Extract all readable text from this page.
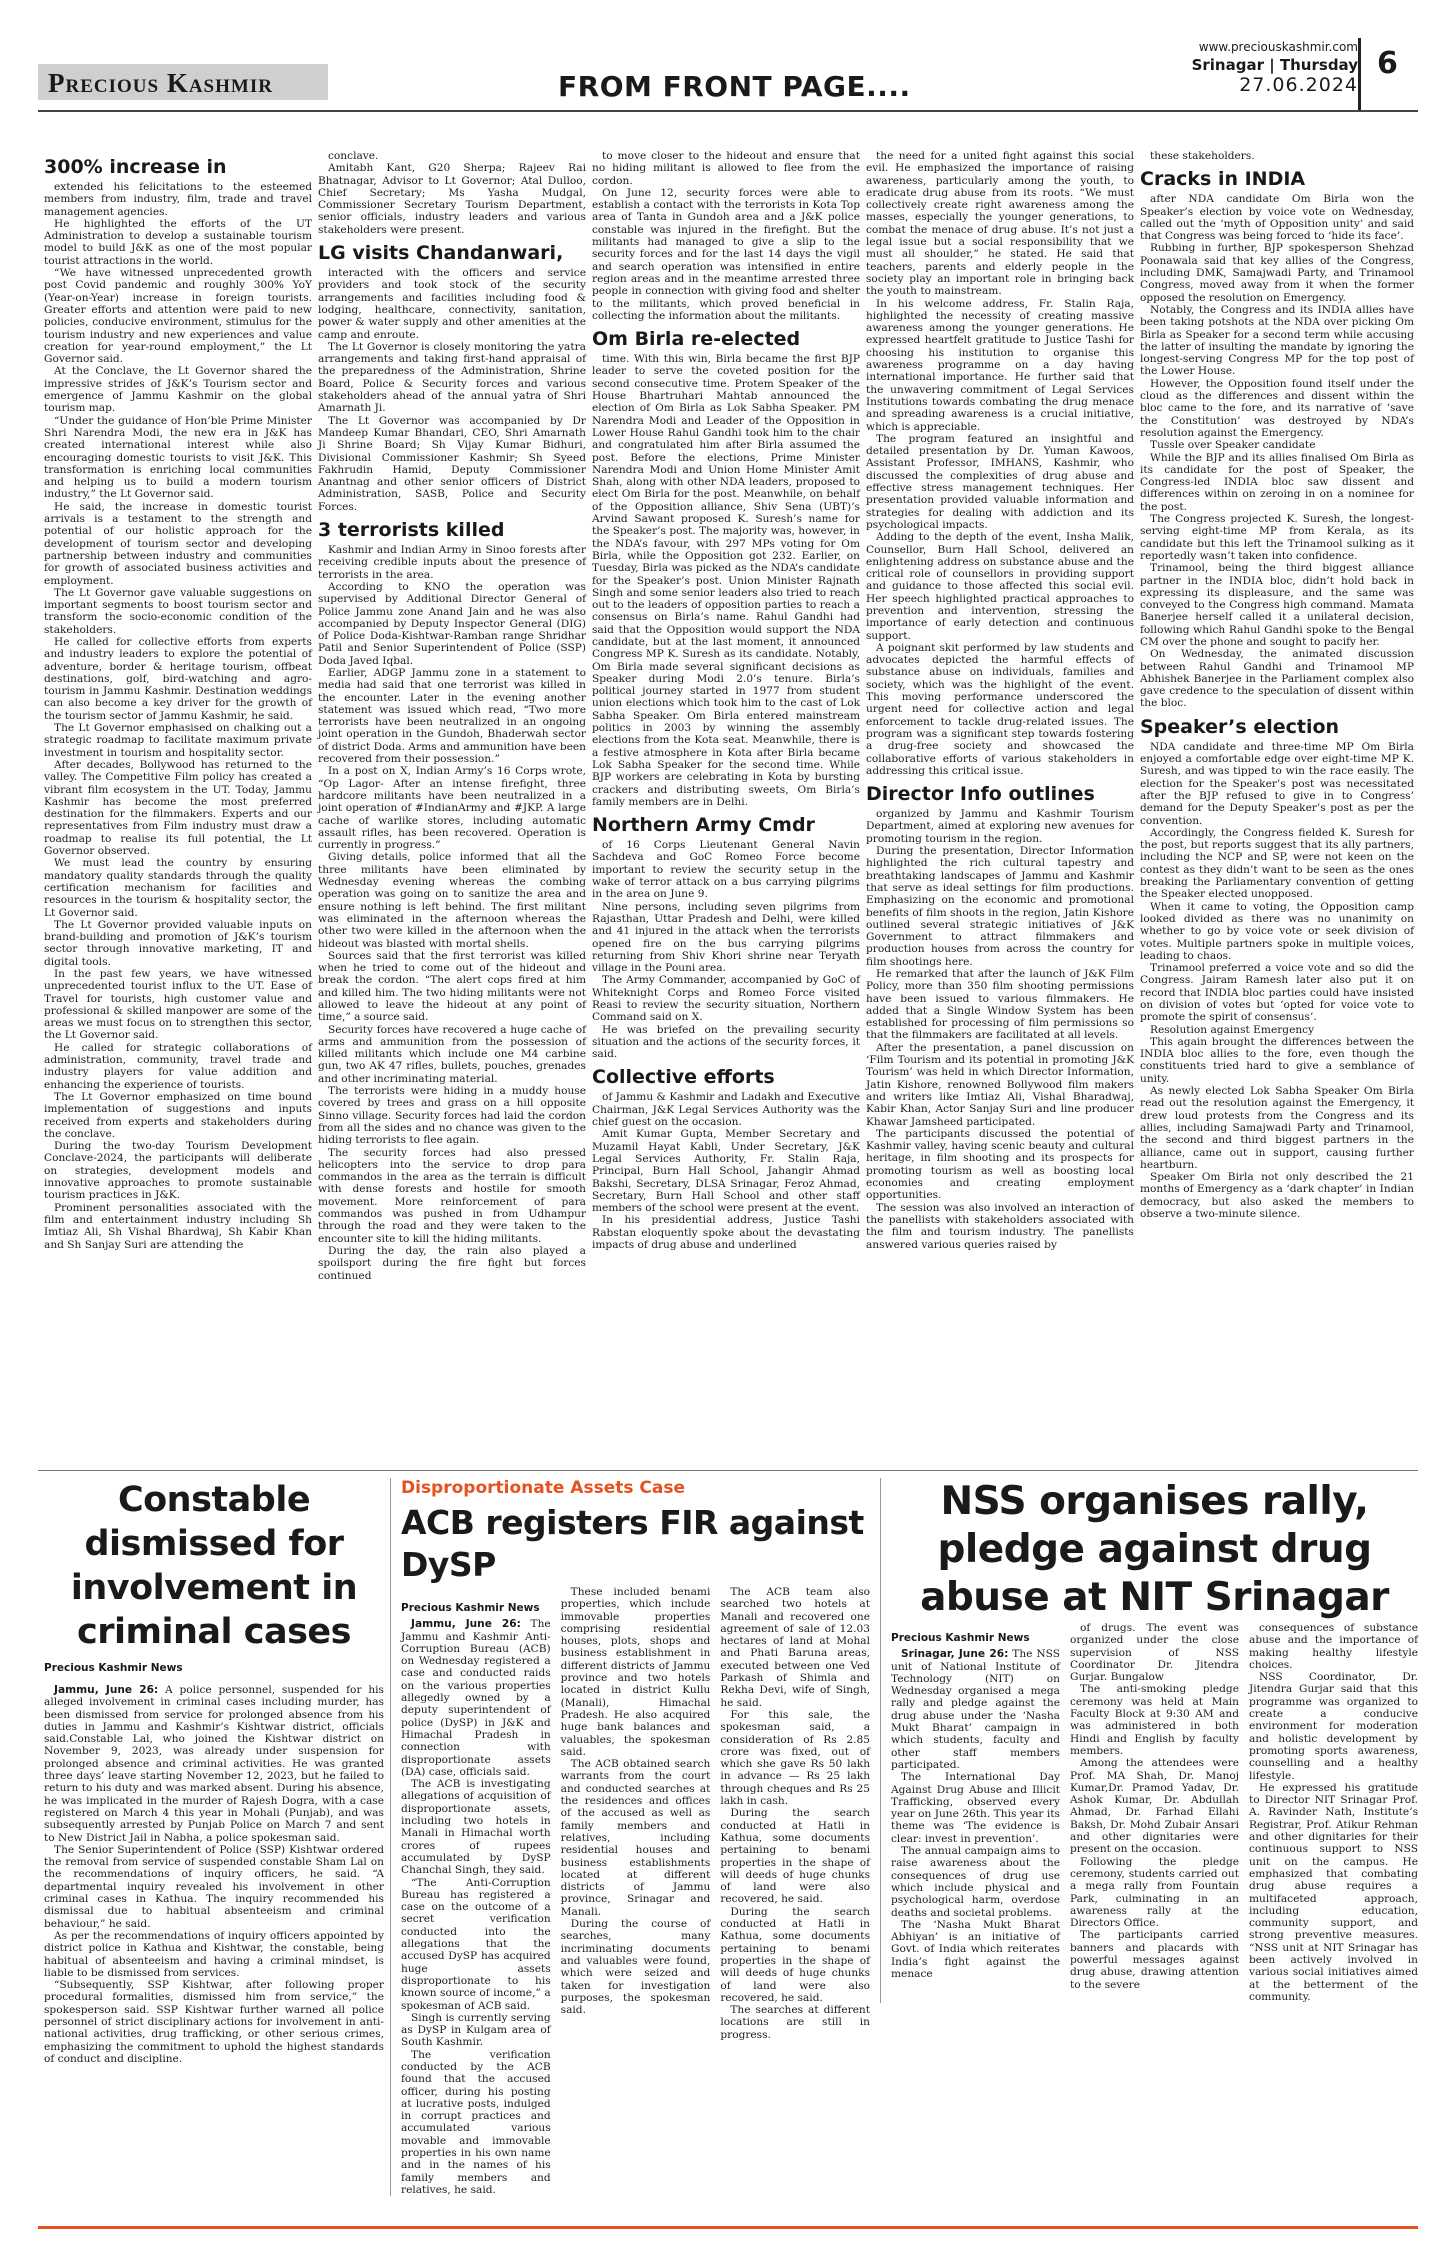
Precious Kashmir	FROM FRONT PAGE....
www.preciouskashmir.com
Srinagar | Thursday
27.06.2024
6
300% increase in

extended his felicitations to the esteemed members from industry, film, trade and travel management agencies.

He highlighted the efforts of the UT Administration to develop a sustainable tourism model to build J&K as one of the most popular tourist attractions in the world.

“We have witnessed unprecedented growth post Covid pandemic and roughly 300% YoY (Year-on-Year) increase in foreign tourists. Greater efforts and attention were paid to new policies, conducive environment, stimulus for the tourism industry and new experiences and value creation for year-round employment,” the Lt Governor said.

At the Conclave, the Lt Governor shared the impressive strides of J&K’s Tourism sector and emergence of Jammu Kashmir on the global tourism map.

“Under the guidance of Hon’ble Prime Minister Shri Narendra Modi, the new era in J&K has created international interest while also encouraging domestic tourists to visit J&K. This transformation is enriching local communities and helping us to build a modern tourism industry,” the Lt Governor said.

He said, the increase in domestic tourist arrivals is a testament to the strength and potential of our holistic approach for the development of tourism sector and developing partnership between industry and communities for growth of associated business activities and employment.

The Lt Governor gave valuable suggestions on important segments to boost tourism sector and transform the socio-economic condition of the stakeholders.

He called for collective efforts from experts and industry leaders to explore the potential of adventure, border & heritage tourism, offbeat destinations, golf, bird-watching and agro-tourism in Jammu Kashmir. Destination weddings can also become a key driver for the growth of the tourism sector of Jammu Kashmir, he said.

The Lt Governor emphasised on chalking out a strategic roadmap to facilitate maximum private investment in tourism and hospitality sector.

After decades, Bollywood has returned to the valley. The Competitive Film policy has created a vibrant film ecosystem in the UT. Today, Jammu Kashmir has become the most preferred destination for the filmmakers. Experts and our representatives from Film industry must draw a roadmap to realise its full potential, the Lt Governor observed.

We must lead the country by ensuring mandatory quality standards through the quality certification mechanism for facilities and resources in the tourism & hospitality sector, the Lt Governor said.

The Lt Governor provided valuable inputs on brand-building and promotion of J&K’s tourism sector through innovative marketing, IT and digital tools.

In the past few years, we have witnessed unprecedented tourist influx to the UT. Ease of Travel for tourists, high customer value and professional & skilled manpower are some of the areas we must focus on to strengthen this sector, the Lt Governor said.

He called for strategic collaborations of administration, community, travel trade and industry players for value addition and enhancing the experience of tourists.

The Lt Governor emphasized on time bound implementation of suggestions and inputs received from experts and stakeholders during the conclave.

During the two-day Tourism Development Conclave-2024, the participants will deliberate on strategies, development models and innovative approaches to promote sustainable tourism practices in J&K.

Prominent personalities associated with the film and entertainment industry including Sh Imtiaz Ali, Sh Vishal Bhardwaj, Sh Kabir Khan and Sh Sanjay Suri are attending the

conclave.

Amitabh Kant, G20 Sherpa; Rajeev Rai Bhatnagar, Advisor to Lt Governor; Atal Dulloo, Chief Secretary; Ms Yasha Mudgal, Commissioner Secretary Tourism Department, senior officials, industry leaders and various stakeholders were present.

LG visits Chandanwari,

interacted with the officers and service providers and took stock of the security arrangements and facilities including food & lodging, healthcare, connectivity, sanitation, power & water supply and other amenities at the camp and enroute.

The Lt Governor is closely monitoring the yatra arrangements and taking first-hand appraisal of the preparedness of the Administration, Shrine Board, Police & Security forces and various stakeholders ahead of the annual yatra of Shri Amarnath Ji.

The Lt Governor was accompanied by Dr Mandeep Kumar Bhandari, CEO, Shri Amarnath Ji Shrine Board; Sh Vijay Kumar Bidhuri, Divisional Commissioner Kashmir; Sh Syeed Fakhrudin Hamid, Deputy Commissioner Anantnag and other senior officers of District Administration, SASB, Police and Security Forces.

3 terrorists killed

Kashmir and Indian Army in Sinoo forests after receiving credible inputs about the presence of terrorists in the area.

According to KNO the operation was supervised by Additional Director General of Police Jammu zone Anand Jain and he was also accompanied by Deputy Inspector General (DIG) of Police Doda-Kishtwar-Ramban range Shridhar Patil and Senior Superintendent of Police (SSP) Doda Javed Iqbal.

Earlier, ADGP Jammu zone in a statement to media had said that one terrorist was killed in the encounter. Later in the evening another statement was issued which read, “Two more terrorists have been neutralized in an ongoing joint operation in the Gundoh, Bhaderwah sector of district Doda. Arms and ammunition have been recovered from their possession.”

In a post on X, Indian Army’s 16 Corps wrote, “Op Lagor- After an intense firefight, three hardcore militants have been neutralized in a joint operation of #IndianArmy and #JKP. A large cache of warlike stores, including automatic assault rifles, has been recovered. Operation is currently in progress.”

Giving details, police informed that all the three militants have been eliminated by Wednesday evening whereas the combing operation was going on to sanitize the area and ensure nothing is left behind. The first militant was eliminated in the afternoon whereas the other two were killed in the afternoon when the hideout was blasted with mortal shells.

Sources said that the first terrorist was killed when he tried to come out of the hideout and break the cordon. “The alert cops fired at him and killed him. The two hiding militants were not allowed to leave the hideout at any point of time,” a source said.

Security forces have recovered a huge cache of arms and ammunition from the possession of killed militants which include one M4 carbine gun, two AK 47 rifles, bullets, pouches, grenades and other incriminating material.

The terrorists were hiding in a muddy house covered by trees and grass on a hill opposite Sinno village. Security forces had laid the cordon from all the sides and no chance was given to the hiding terrorists to flee again.

The security forces had also pressed helicopters into the service to drop para commandos in the area as the terrain is difficult with dense forests and hostile for smooth movement. More reinforcement of para commandos was pushed in from Udhampur through the road and they were taken to the encounter site to kill the hiding militants.

During the day, the rain also played a spoilsport during the fire fight but forces continued

to move closer to the hideout and ensure that no hiding militant is allowed to flee from the cordon.

On June 12, security forces were able to establish a contact with the terrorists in Kota Top area of Tanta in Gundoh area and a J&K police constable was injured in the firefight. But the militants had managed to give a slip to the security forces and for the last 14 days the vigil and search operation was intensified in entire region areas and in the meantime arrested three people in connection with giving food and shelter to the militants, which proved beneficial in collecting the information about the militants.

Om Birla re-elected

time. With this win, Birla became the first BJP leader to serve the coveted position for the second consecutive time. Protem Speaker of the House Bhartruhari Mahtab announced the election of Om Birla as Lok Sabha Speaker. PM Narendra Modi and Leader of the Opposition in Lower House Rahul Gandhi took him to the chair and congratulated him after Birla assumed the post. Before the elections, Prime Minister Narendra Modi and Union Home Minister Amit Shah, along with other NDA leaders, proposed to elect Om Birla for the post. Meanwhile, on behalf of the Opposition alliance, Shiv Sena (UBT)’s Arvind Sawant proposed K. Suresh’s name for the Speaker’s post. The majority was, however, in the NDA’s favour, with 297 MPs voting for Om Birla, while the Opposition got 232. Earlier, on Tuesday, Birla was picked as the NDA’s candidate for the Speaker’s post. Union Minister Rajnath Singh and some senior leaders also tried to reach out to the leaders of opposition parties to reach a consensus on Birla’s name. Rahul Gandhi had said that the Opposition would support the NDA candidate, but at the last moment, it announced Congress MP K. Suresh as its candidate. Notably, Om Birla made several significant decisions as Speaker during Modi 2.0’s tenure. Birla’s political journey started in 1977 from student union elections which took him to the cast of Lok Sabha Speaker. Om Birla entered mainstream politics in 2003 by winning the assembly elections from the Kota seat. Meanwhile, there is a festive atmosphere in Kota after Birla became Lok Sabha Speaker for the second time. While BJP workers are celebrating in Kota by bursting crackers and distributing sweets, Om Birla’s family members are in Delhi.

Northern Army Cmdr

of 16 Corps Lieutenant General Navin Sachdeva and GoC Romeo Force become important to review the security setup in the wake of terror attack on a bus carrying pilgrims in the area on June 9.

Nine persons, including seven pilgrims from Rajasthan, Uttar Pradesh and Delhi, were killed and 41 injured in the attack when the terrorists opened fire on the bus carrying pilgrims returning from Shiv Khori shrine near Teryath village in the Pouni area.

The Army Commander, accompanied by GoC of Whiteknight Corps and Romeo Force visited Reasi to review the security situation, Northern Command said on X.

He was briefed on the prevailing security situation and the actions of the security forces, it said.

Collective efforts

of Jammu & Kashmir and Ladakh and Executive Chairman, J&K Legal Services Authority was the chief guest on the occasion.

Amit Kumar Gupta, Member Secretary and Muzamil Hayat Kabli, Under Secretary, J&K Legal Services Authority, Fr. Stalin Raja, Principal, Burn Hall School, Jahangir Ahmad Bakshi, Secretary, DLSA Srinagar, Feroz Ahmad, Secretary, Burn Hall School and other staff members of the school were present at the event.

In his presidential address, Justice Tashi Rabstan eloquently spoke about the devastating impacts of drug abuse and underlined

the need for a united fight against this social evil. He emphasized the importance of raising awareness, particularly among the youth, to eradicate drug abuse from its roots. “We must collectively create right awareness among the masses, especially the younger generations, to combat the menace of drug abuse. It’s not just a legal issue but a social responsibility that we must all shoulder,” he stated. He said that teachers, parents and elderly people in the society play an important role in bringing back the youth to mainstream.

In his welcome address, Fr. Stalin Raja, highlighted the necessity of creating massive awareness among the younger generations. He expressed heartfelt gratitude to Justice Tashi for choosing his institution to organise this awareness programme on a day having international importance. He further said that the unwavering commitment of Legal Services Institutions towards combating the drug menace and spreading awareness is a crucial initiative, which is appreciable.

The program featured an insightful and detailed presentation by Dr. Yuman Kawoos, Assistant Professor, IMHANS, Kashmir, who discussed the complexities of drug abuse and effective stress management techniques. Her presentation provided valuable information and strategies for dealing with addiction and its psychological impacts.

Adding to the depth of the event, Insha Malik, Counsellor, Burn Hall School, delivered an enlightening address on substance abuse and the critical role of counsellors in providing support and guidance to those affected this social evil. Her speech highlighted practical approaches to prevention and intervention, stressing the importance of early detection and continuous support.

A poignant skit performed by law students and advocates depicted the harmful effects of substance abuse on individuals, families and society, which was the highlight of the event. This moving performance underscored the urgent need for collective action and legal enforcement to tackle drug-related issues. The program was a significant step towards fostering a drug-free society and showcased the collaborative efforts of various stakeholders in addressing this critical issue.

Director Info outlines

organized by Jammu and Kashmir Tourism Department, aimed at exploring new avenues for promoting tourism in the region.

During the presentation, Director Information highlighted the rich cultural tapestry and breathtaking landscapes of Jammu and Kashmir that serve as ideal settings for film productions. Emphasizing on the economic and promotional benefits of film shoots in the region, Jatin Kishore outlined several strategic initiatives of J&K Government to attract filmmakers and production houses from across the country for film shootings here.

He remarked that after the launch of J&K Film Policy, more than 350 film shooting permissions have been issued to various filmmakers. He added that a Single Window System has been established for processing of film permissions so that the filmmakers are facilitated at all levels.

After the presentation, a panel discussion on ‘Film Tourism and its potential in promoting J&K Tourism’ was held in which Director Information, Jatin Kishore, renowned Bollywood film makers and writers like Imtiaz Ali, Vishal Bharadwaj, Kabir Khan, Actor Sanjay Suri and line producer Khawar Jamsheed participated.

The participants discussed the potential of Kashmir valley, having scenic beauty and cultural heritage, in film shooting and its prospects for promoting tourism as well as boosting local economies and creating employment opportunities.

The session was also involved an interaction of the panellists with stakeholders associated with the film and tourism industry. The panellists answered various queries raised by

these stakeholders.

Cracks in INDIA

after NDA candidate Om Birla won the Speaker’s election by voice vote on Wednesday, called out the ‘myth of Opposition unity’ and said that Congress was being forced to ‘hide its face’.

Rubbing in further, BJP spokesperson Shehzad Poonawala said that key allies of the Congress, including DMK, Samajwadi Party, and Trinamool Congress, moved away from it when the former opposed the resolution on Emergency.

Notably, the Congress and its INDIA allies have been taking potshots at the NDA over picking Om Birla as Speaker for a second term while accusing the latter of insulting the mandate by ignoring the longest-serving Congress MP for the top post of the Lower House.

However, the Opposition found itself under the cloud as the differences and dissent within the bloc came to the fore, and its narrative of ‘save the Constitution’ was destroyed by NDA’s resolution against the Emergency.

Tussle over Speaker candidate

While the BJP and its allies finalised Om Birla as its candidate for the post of Speaker, the Congress-led INDIA bloc saw dissent and differences within on zeroing in on a nominee for the post.

The Congress projected K. Suresh, the longest-serving eight-time MP from Kerala, as its candidate but this left the Trinamool sulking as it reportedly wasn’t taken into confidence.

Trinamool, being the third biggest alliance partner in the INDIA bloc, didn’t hold back in expressing its displeasure, and the same was conveyed to the Congress high command. Mamata Banerjee herself called it a unilateral decision, following which Rahul Gandhi spoke to the Bengal CM over the phone and sought to pacify her.

On Wednesday, the animated discussion between Rahul Gandhi and Trinamool MP Abhishek Banerjee in the Parliament complex also gave credence to the speculation of dissent within the bloc.

Speaker’s election

NDA candidate and three-time MP Om Birla enjoyed a comfortable edge over eight-time MP K. Suresh, and was tipped to win the race easily. The election for the Speaker’s post was necessitated after the BJP refused to give in to Congress’ demand for the Deputy Speaker’s post as per the convention.

Accordingly, the Congress fielded K. Suresh for the post, but reports suggest that its ally partners, including the NCP and SP, were not keen on the contest as they didn’t want to be seen as the ones breaking the Parliamentary convention of getting the Speaker elected unopposed.

When it came to voting, the Opposition camp looked divided as there was no unanimity on whether to go by voice vote or seek division of votes. Multiple partners spoke in multiple voices, leading to chaos.

Trinamool preferred a voice vote and so did the Congress. Jairam Ramesh later also put it on record that INDIA bloc parties could have insisted on division of votes but ‘opted for voice vote to promote the spirit of consensus’.

Resolution against Emergency

This again brought the differences between the INDIA bloc allies to the fore, even though the constituents tried hard to give a semblance of unity.

As newly elected Lok Sabha Speaker Om Birla read out the resolution against the Emergency, it drew loud protests from the Congress and its allies, including Samajwadi Party and Trinamool, the second and third biggest partners in the alliance, came out in support, causing further heartburn.

Speaker Om Birla not only described the 21 months of Emergency as a ‘dark chapter’ in Indian democracy, but also asked the members to observe a two-minute silence.

Constable dismissed for involvement in criminal cases
Precious Kashmir News

Jammu, June 26: A police personnel, suspended for his alleged involvement in criminal cases including murder, has been dismissed from service for prolonged absence from his duties in Jammu and Kashmir’s Kishtwar district, officials said.Constable Lal, who joined the Kishtwar district on November 9, 2023, was already under suspension for prolonged absence and criminal activities. He was granted three days’ leave starting November 12, 2023, but he failed to return to his duty and was marked absent. During his absence, he was implicated in the murder of Rajesh Dogra, with a case registered on March 4 this year in Mohali (Punjab), and was subsequently arrested by Punjab Police on March 7 and sent to New District Jail in Nabha, a police spokesman said.

The Senior Superintendent of Police (SSP) Kishtwar ordered the removal from service of suspended constable Sham Lal on the recommendations of inquiry officers, he said. “A departmental inquiry revealed his involvement in other criminal cases in Kathua. The inquiry recommended his dismissal due to habitual absenteeism and criminal behaviour,” he said.

As per the recommendations of inquiry officers appointed by district police in Kathua and Kishtwar, the constable, being habitual of absenteeism and having a criminal mindset, is liable to be dismissed from services.

“Subsequently, SSP Kishtwar, after following proper procedural formalities, dismissed him from service,” the spokesperson said. SSP Kishtwar further warned all police personnel of strict disciplinary actions for involvement in anti-national activities, drug trafficking, or other serious crimes, emphasizing the commitment to uphold the highest standards of conduct and discipline.

Disproportionate Assets Case
ACB registers FIR against DySP
Precious Kashmir News

Jammu, June 26: The Jammu and Kashmir Anti-Corruption Bureau (ACB) on Wednesday registered a case and conducted raids on the various properties allegedly owned by a deputy superintendent of police (DySP) in J&K and Himachal Pradesh in connection with disproportionate assets (DA) case, officials said.

The ACB is investigating allegations of acquisition of disproportionate assets, including two hotels in Manali in Himachal worth crores of rupees accumulated by DySP Chanchal Singh, they said.

“The Anti-Corruption Bureau has registered a case on the outcome of a secret verification conducted into the allegations that the accused DySP has acquired huge assets disproportionate to his known source of income,” a spokesman of ACB said.

Singh is currently serving as DySP in Kulgam area of South Kashmir.

The verification conducted by the ACB found that the accused officer, during his posting at lucrative posts, indulged in corrupt practices and accumulated various movable and immovable properties in his own name and in the names of his family members and relatives, he said.

These included benami properties, which include immovable properties comprising residential houses, plots, shops and business establishment in different districts of Jammu province and two hotels located in district Kullu (Manali), Himachal Pradesh. He also acquired huge bank balances and valuables, the spokesman said.

The ACB obtained search warrants from the court and conducted searches at the residences and offices of the accused as well as family members and relatives, including residential houses and business establishments located at different districts of Jammu province, Srinagar and Manali.

During the course of searches, many incriminating documents and valuables were found, which were seized and taken for investigation purposes, the spokesman said.

The ACB team also searched two hotels at Manali and recovered one agreement of sale of 12.03 hectares of land at Mohal and Phati Baruna areas, executed between one Ved Parkash of Shimla and Rekha Devi, wife of Singh, he said.

For this sale, the spokesman said, a consideration of Rs 2.85 crore was fixed, out of which she gave Rs 50 lakh in advance — Rs 25 lakh through cheques and Rs 25 lakh in cash.

During the search conducted at Hatli in Kathua, some documents pertaining to benami properties in the shape of will deeds of huge chunks of land were also recovered, he said.

During the search conducted at Hatli in Kathua, some documents pertaining to benami properties in the shape of will deeds of huge chunks of land were also recovered, he said.

The searches at different locations are still in progress.

NSS organises rally, pledge against drug abuse at NIT Srinagar
Precious Kashmir News

Srinagar, June 26: The NSS unit of National Institute of Technology (NIT) on Wednesday organised a mega rally and pledge against the drug abuse under the ‘Nasha Mukt Bharat’ campaign in which students, faculty and other staff members participated.

The International Day Against Drug Abuse and Illicit Trafficking, observed every year on June 26th. This year its theme was ‘The evidence is clear: invest in prevention’.

The annual campaign aims to raise awareness about the consequences of drug use which include physical and psychological harm, overdose deaths and societal problems.

The ‘Nasha Mukt Bharat Abhiyan’ is an initiative of Govt. of India which reiterates India’s fight against the menace

of drugs. The event was organized under the close supervision of NSS Coordinator Dr. Jitendra Gurjar. Bungalow

The anti-smoking pledge ceremony was held at Main Faculty Block at 9:30 AM and was administered in both Hindi and English by faculty members.

Among the attendees were Prof. MA Shah, Dr. Manoj Kumar,Dr. Pramod Yadav, Dr. Ashok Kumar, Dr. Abdullah Ahmad, Dr. Farhad Ellahi Baksh, Dr. Mohd Zubair Ansari and other dignitaries were present on the occasion.

Following the pledge ceremony, students carried out a mega rally from Fountain Park, culminating in an awareness rally at the Directors Office.

The participants carried banners and placards with powerful messages against drug abuse, drawing attention to the severe

consequences of substance abuse and the importance of making healthy lifestyle choices.

NSS Coordinator, Dr. Jitendra Gurjar said that this programme was organized to create a conducive environment for moderation and holistic development by promoting sports awareness, counselling and a healthy lifestyle.

He expressed his gratitude to Director NIT Srinagar Prof. A. Ravinder Nath, Institute’s Registrar, Prof. Atikur Rehman and other dignitaries for their continuous support to NSS unit on the campus. He emphasized that combating drug abuse requires a multifaceted approach, including education, community support, and strong preventive measures. “NSS unit at NIT Srinagar has been actively involved in various social initiatives aimed at the betterment of the community.
